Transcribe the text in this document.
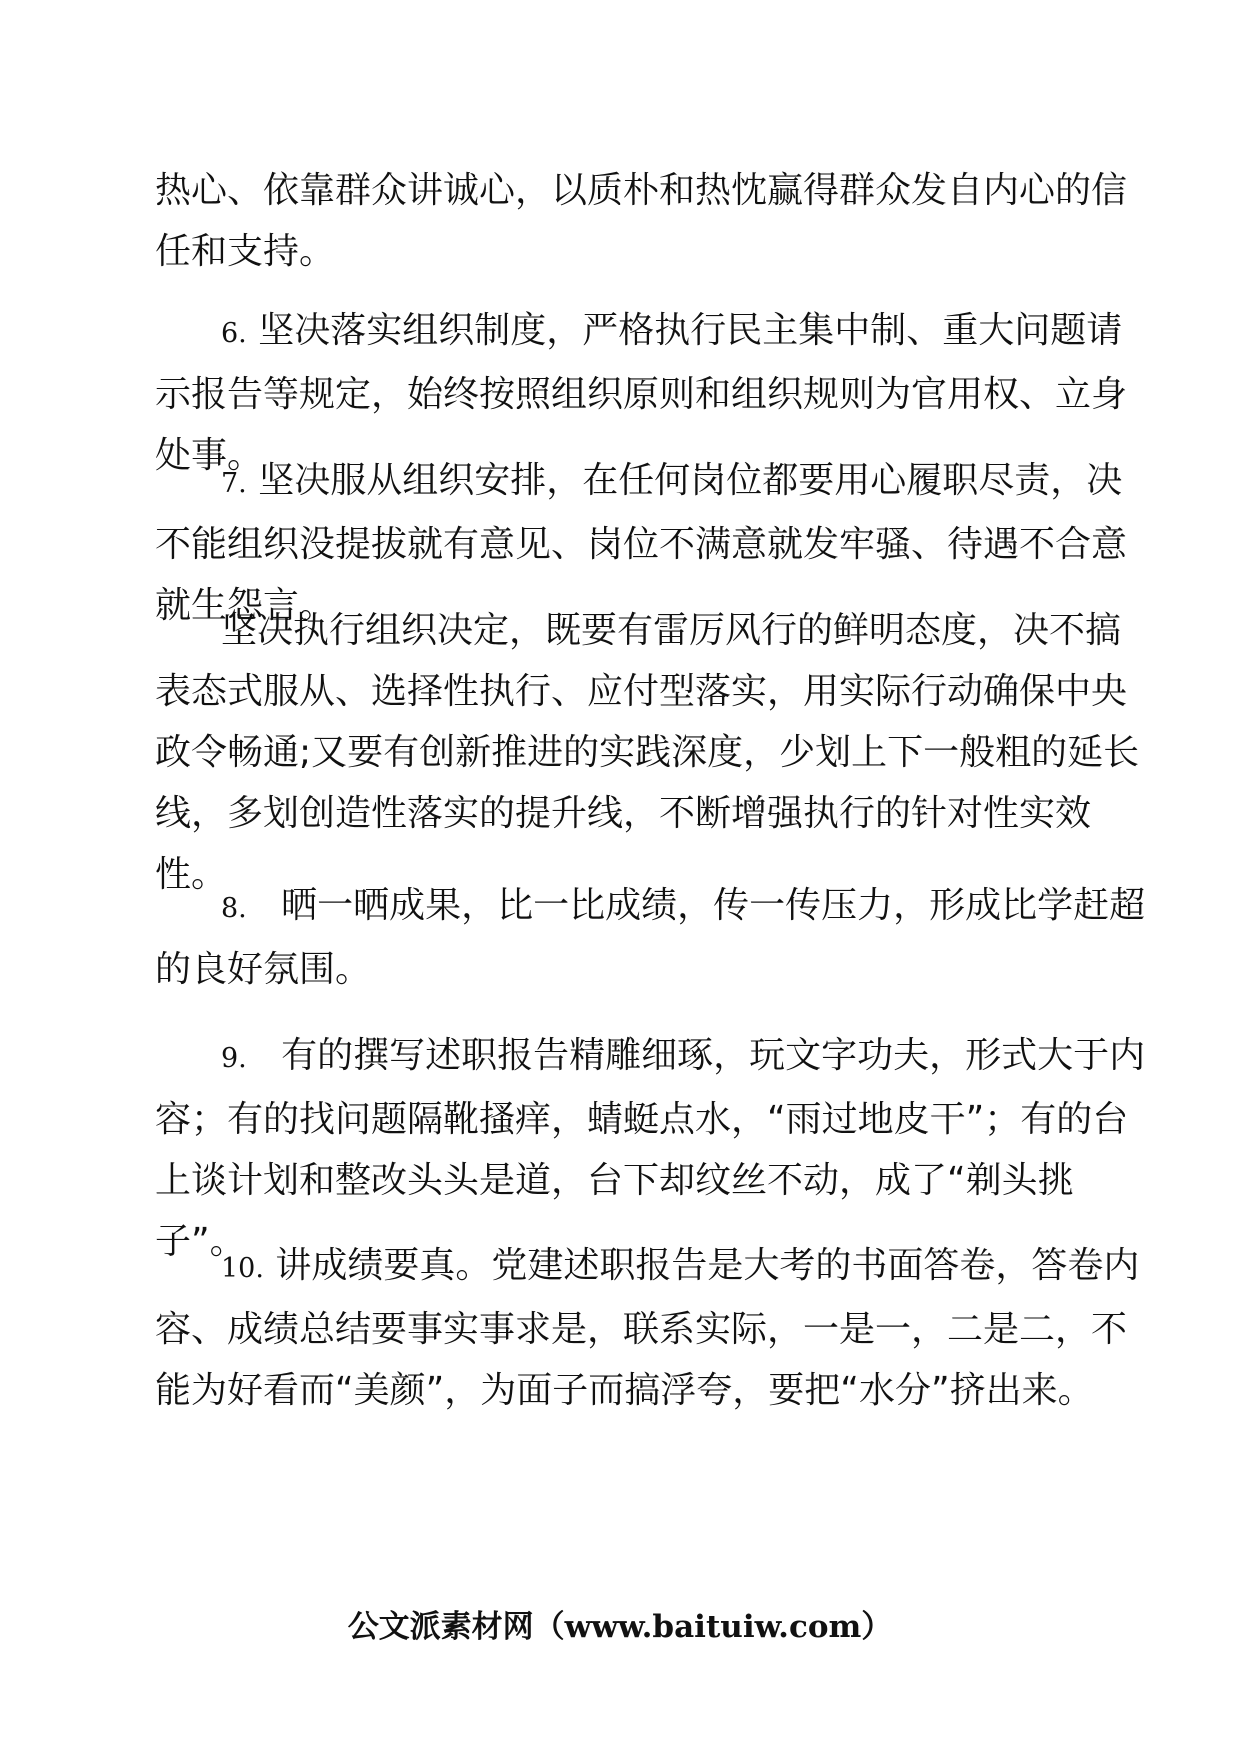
热心、依靠群众讲诚心，以质朴和热忱赢得群众发自内心的信任和支持。

6. 坚决落实组织制度，严格执行民主集中制、重大问题请示报告等规定，始终按照组织原则和组织规则为官用权、立身处事。

7. 坚决服从组织安排，在任何岗位都要用心履职尽责，决不能组织没提拔就有意见、岗位不满意就发牢骚、待遇不合意就生怨言。

坚决执行组织决定，既要有雷厉风行的鲜明态度，决不搞表态式服从、选择性执行、应付型落实，用实际行动确保中央政令畅通;又要有创新推进的实践深度，少划上下一般粗的延长线，多划创造性落实的提升线，不断增强执行的针对性实效性。

8. 晒一晒成果，比一比成绩，传一传压力，形成比学赶超的良好氛围。

9. 有的撰写述职报告精雕细琢，玩文字功夫，形式大于内容；有的找问题隔靴搔痒，蜻蜓点水，“雨过地皮干”；有的台上谈计划和整改头头是道，台下却纹丝不动，成了“剃头挑子”。

10. 讲成绩要真。党建述职报告是大考的书面答卷，答卷内容、成绩总结要事实事求是，联系实际，一是一，二是二，不能为好看而“美颜”，为面子而搞浮夸，要把“水分”挤出来。

公文派素材网（www.baituiw.com）
